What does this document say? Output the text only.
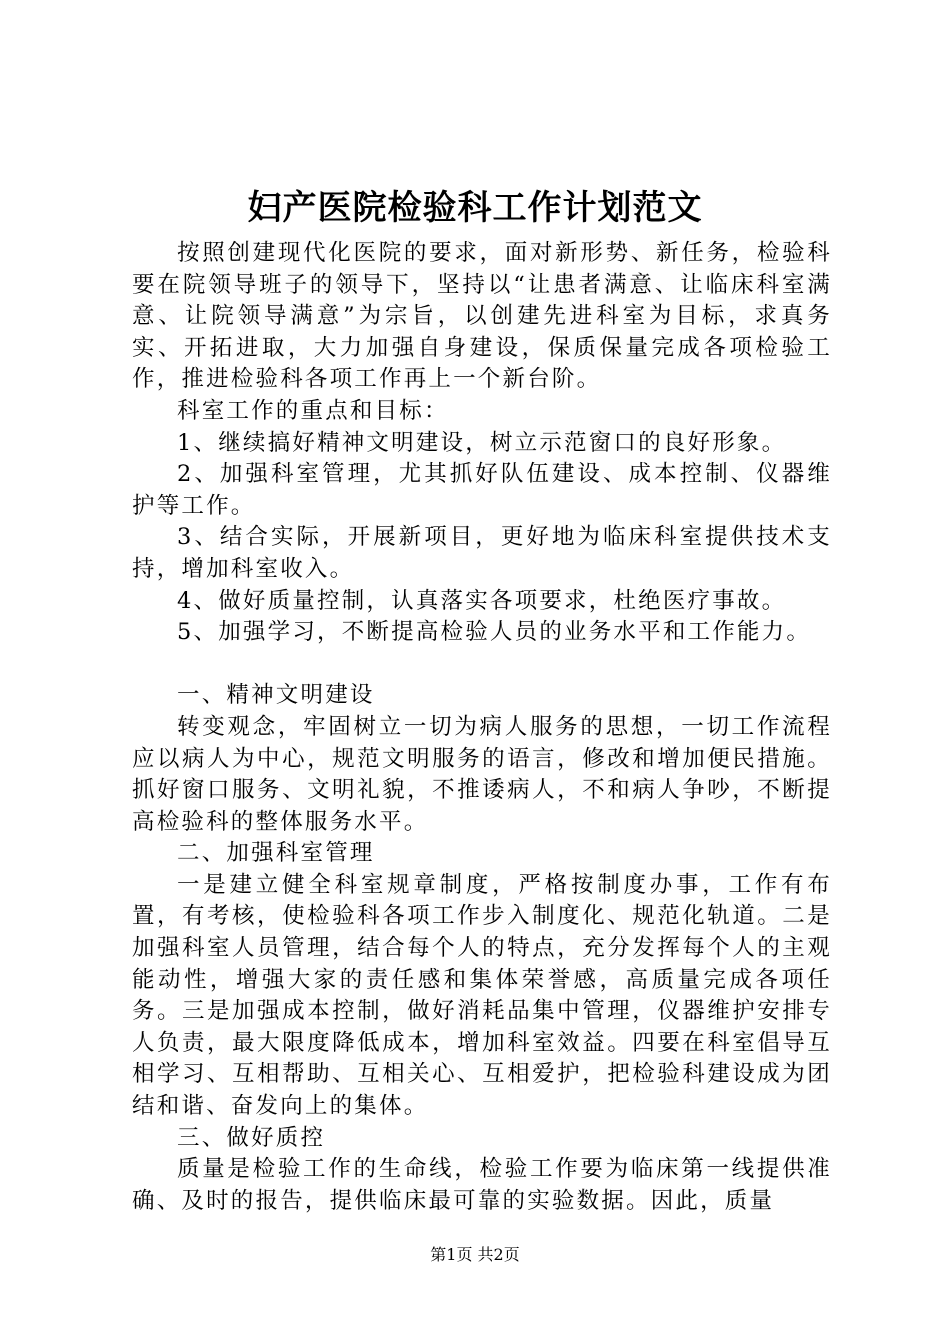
妇产医院检验科工作计划范文

按照创建现代化医院的要求，面对新形势、新任务，检验科要在院领导班子的领导下，坚持以“让患者满意、让临床科室满意、让院领导满意”为宗旨，以创建先进科室为目标，求真务实、开拓进取，大力加强自身建设，保质保量完成各项检验工作，推进检验科各项工作再上一个新台阶。

科室工作的重点和目标：

1、继续搞好精神文明建设，树立示范窗口的良好形象。

2、加强科室管理，尤其抓好队伍建设、成本控制、仪器维护等工作。

3、结合实际，开展新项目，更好地为临床科室提供技术支持，增加科室收入。

4、做好质量控制，认真落实各项要求，杜绝医疗事故。

5、加强学习，不断提高检验人员的业务水平和工作能力。

一、精神文明建设

转变观念，牢固树立一切为病人服务的思想，一切工作流程应以病人为中心，规范文明服务的语言，修改和增加便民措施。抓好窗口服务、文明礼貌，不推诿病人，不和病人争吵，不断提高检验科的整体服务水平。

二、加强科室管理

一是建立健全科室规章制度，严格按制度办事，工作有布置，有考核，使检验科各项工作步入制度化、规范化轨道。二是加强科室人员管理，结合每个人的特点，充分发挥每个人的主观能动性，增强大家的责任感和集体荣誉感，高质量完成各项任务。三是加强成本控制，做好消耗品集中管理，仪器维护安排专人负责，最大限度降低成本，增加科室效益。四要在科室倡导互相学习、互相帮助、互相关心、互相爱护，把检验科建设成为团结和谐、奋发向上的集体。

三、做好质控

质量是检验工作的生命线，检验工作要为临床第一线提供准确、及时的报告，提供临床最可靠的实验数据。因此，质量

第1页 共2页
